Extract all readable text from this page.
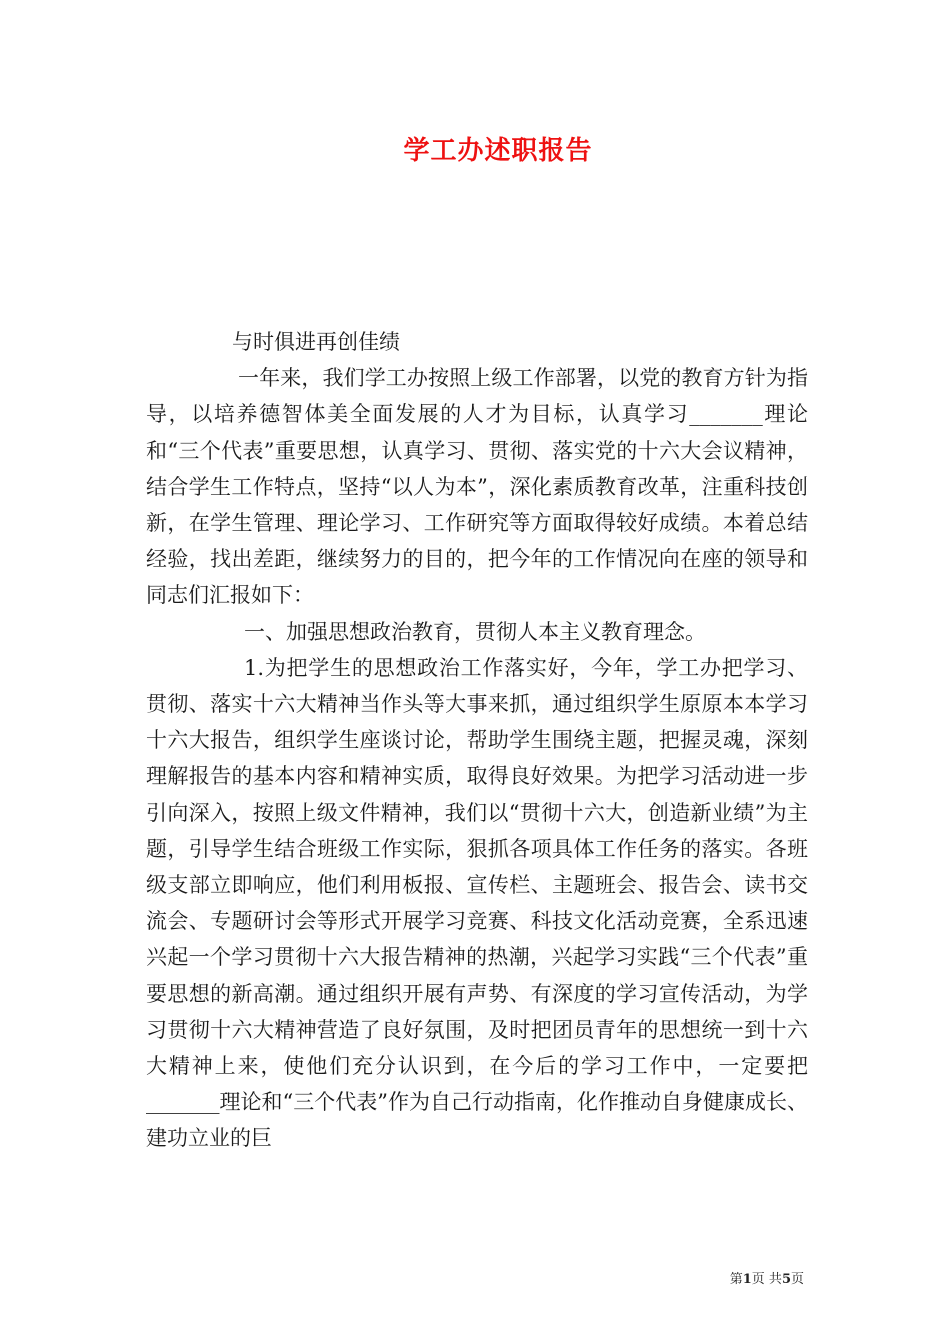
学工办述职报告

与时俱进再创佳绩

一年来，我们学工办按照上级工作部署，以党的教育方针为指导，以培养德智体美全面发展的人才为目标，认真学习_______理论和“三个代表”重要思想，认真学习、贯彻、落实党的十六大会议精神，结合学生工作特点，坚持“以人为本”，深化素质教育改革，注重科技创新，在学生管理、理论学习、工作研究等方面取得较好成绩。本着总结经验，找出差距，继续努力的目的，把今年的工作情况向在座的领导和同志们汇报如下：

一、加强思想政治教育，贯彻人本主义教育理念。

1.为把学生的思想政治工作落实好，今年，学工办把学习、贯彻、落实十六大精神当作头等大事来抓，通过组织学生原原本本学习十六大报告，组织学生座谈讨论，帮助学生围绕主题，把握灵魂，深刻理解报告的基本内容和精神实质，取得良好效果。为把学习活动进一步引向深入，按照上级文件精神，我们以“贯彻十六大，创造新业绩”为主题，引导学生结合班级工作实际，狠抓各项具体工作任务的落实。各班级支部立即响应，他们利用板报、宣传栏、主题班会、报告会、读书交流会、专题研讨会等形式开展学习竞赛、科技文化活动竞赛，全系迅速兴起一个学习贯彻十六大报告精神的热潮，兴起学习实践“三个代表”重要思想的新高潮。通过组织开展有声势、有深度的学习宣传活动，为学习贯彻十六大精神营造了良好氛围，及时把团员青年的思想统一到十六大精神上来，使他们充分认识到，在今后的学习工作中，一定要把_______理论和“三个代表”作为自己行动指南，化作推动自身健康成长、建功立业的巨

第1页 共5页
